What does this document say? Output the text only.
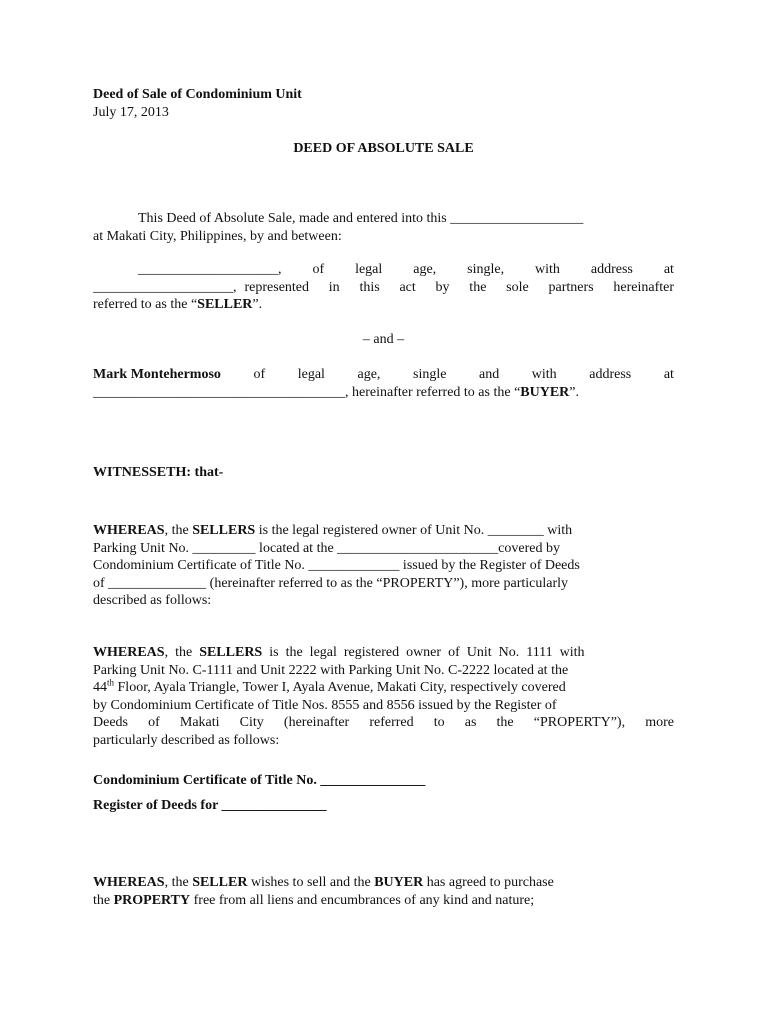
Deed of Sale of Condominium Unit
July 17, 2013
DEED OF ABSOLUTE SALE
This Deed of Absolute Sale, made and entered into this ___________________
at Makati City, Philippines, by and between:
____________________, of legal age, single, with address at
____________________, represented in this act by the sole partners hereinafter
referred to as the “SELLER”.
– and –
Mark Montehermoso of legal age, single and with address at
____________________________________, hereinafter referred to as the “BUYER”.
WITNESSETH: that-
WHEREAS, the SELLERS is the legal registered owner of Unit No. ________ with
Parking Unit No. _________ located at the _______________________covered by
Condominium Certificate of Title No. _____________ issued by the Register of Deeds
of ______________ (hereinafter referred to as the “PROPERTY”), more particularly
described as follows:
WHEREAS,  the SELLERS is  the  legal  registered  owner  of  Unit  No.  1111  with
Parking Unit No. C-1111 and Unit 2222 with Parking Unit No. C-2222 located at the
44th Floor, Ayala Triangle, Tower I, Ayala Avenue, Makati City, respectively covered
by Condominium Certificate of Title Nos. 8555 and 8556 issued by the Register of
Deeds of Makati City (hereinafter referred to as the “PROPERTY”), more
particularly described as follows:
Condominium Certificate of Title No. _______________
Register of Deeds for _______________
WHEREAS, the SELLER wishes to sell and the BUYER has agreed to purchase
the PROPERTY free from all liens and encumbrances of any kind and nature;
